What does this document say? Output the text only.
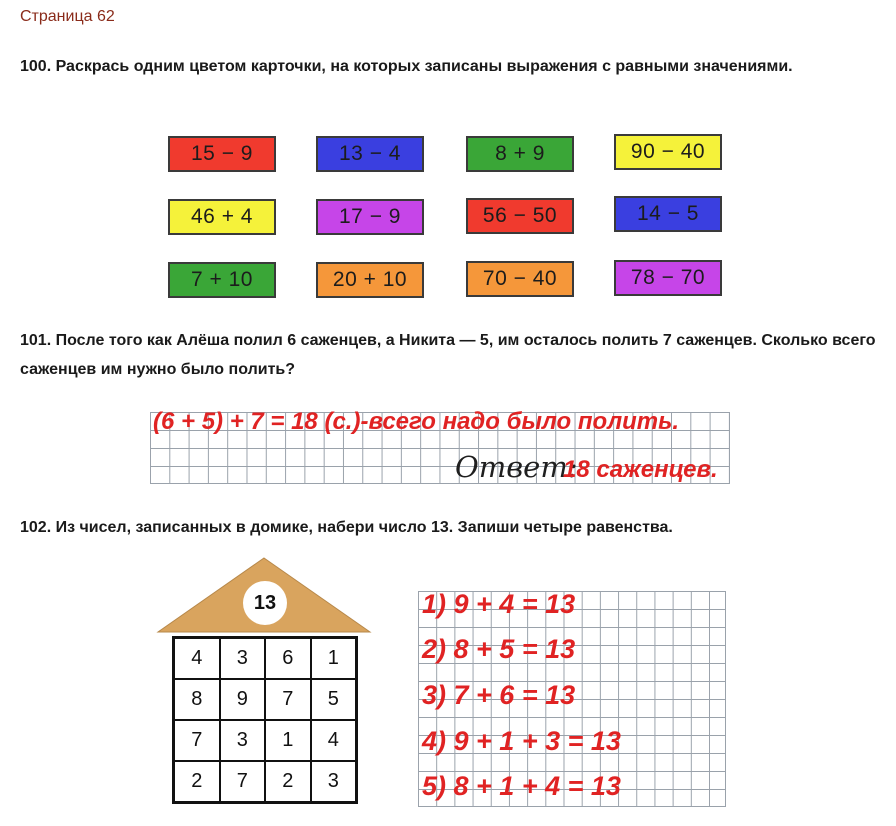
Страница 62
100. Раскрась одним цветом карточки, на которых записаны выражения с равными значениями.
15 − 9	13 − 4	8 + 9	90 − 40
46 + 4	17 − 9	56 − 50	14 − 5
7 + 10	20 + 10	70 − 40	78 − 70
101. После того как Алёша полил 6 саженцев, а Никита — 5, им осталось полить 7 саженцев. Сколько всего саженцев им нужно было полить?
(6 + 5) + 7 = 18 (с.)-всего надо было полить.
Ответ:
18 саженцев.
102. Из чисел, записанных в домике, набери число 13. Запиши четыре равенства.
13
4	3	6	1
8	9	7	5
7	3	1	4
2	7	2	3
1) 9 + 4 = 13
2) 8 + 5 = 13
3) 7 + 6 = 13
4) 9 + 1 + 3 = 13
5) 8 + 1 + 4 = 13
